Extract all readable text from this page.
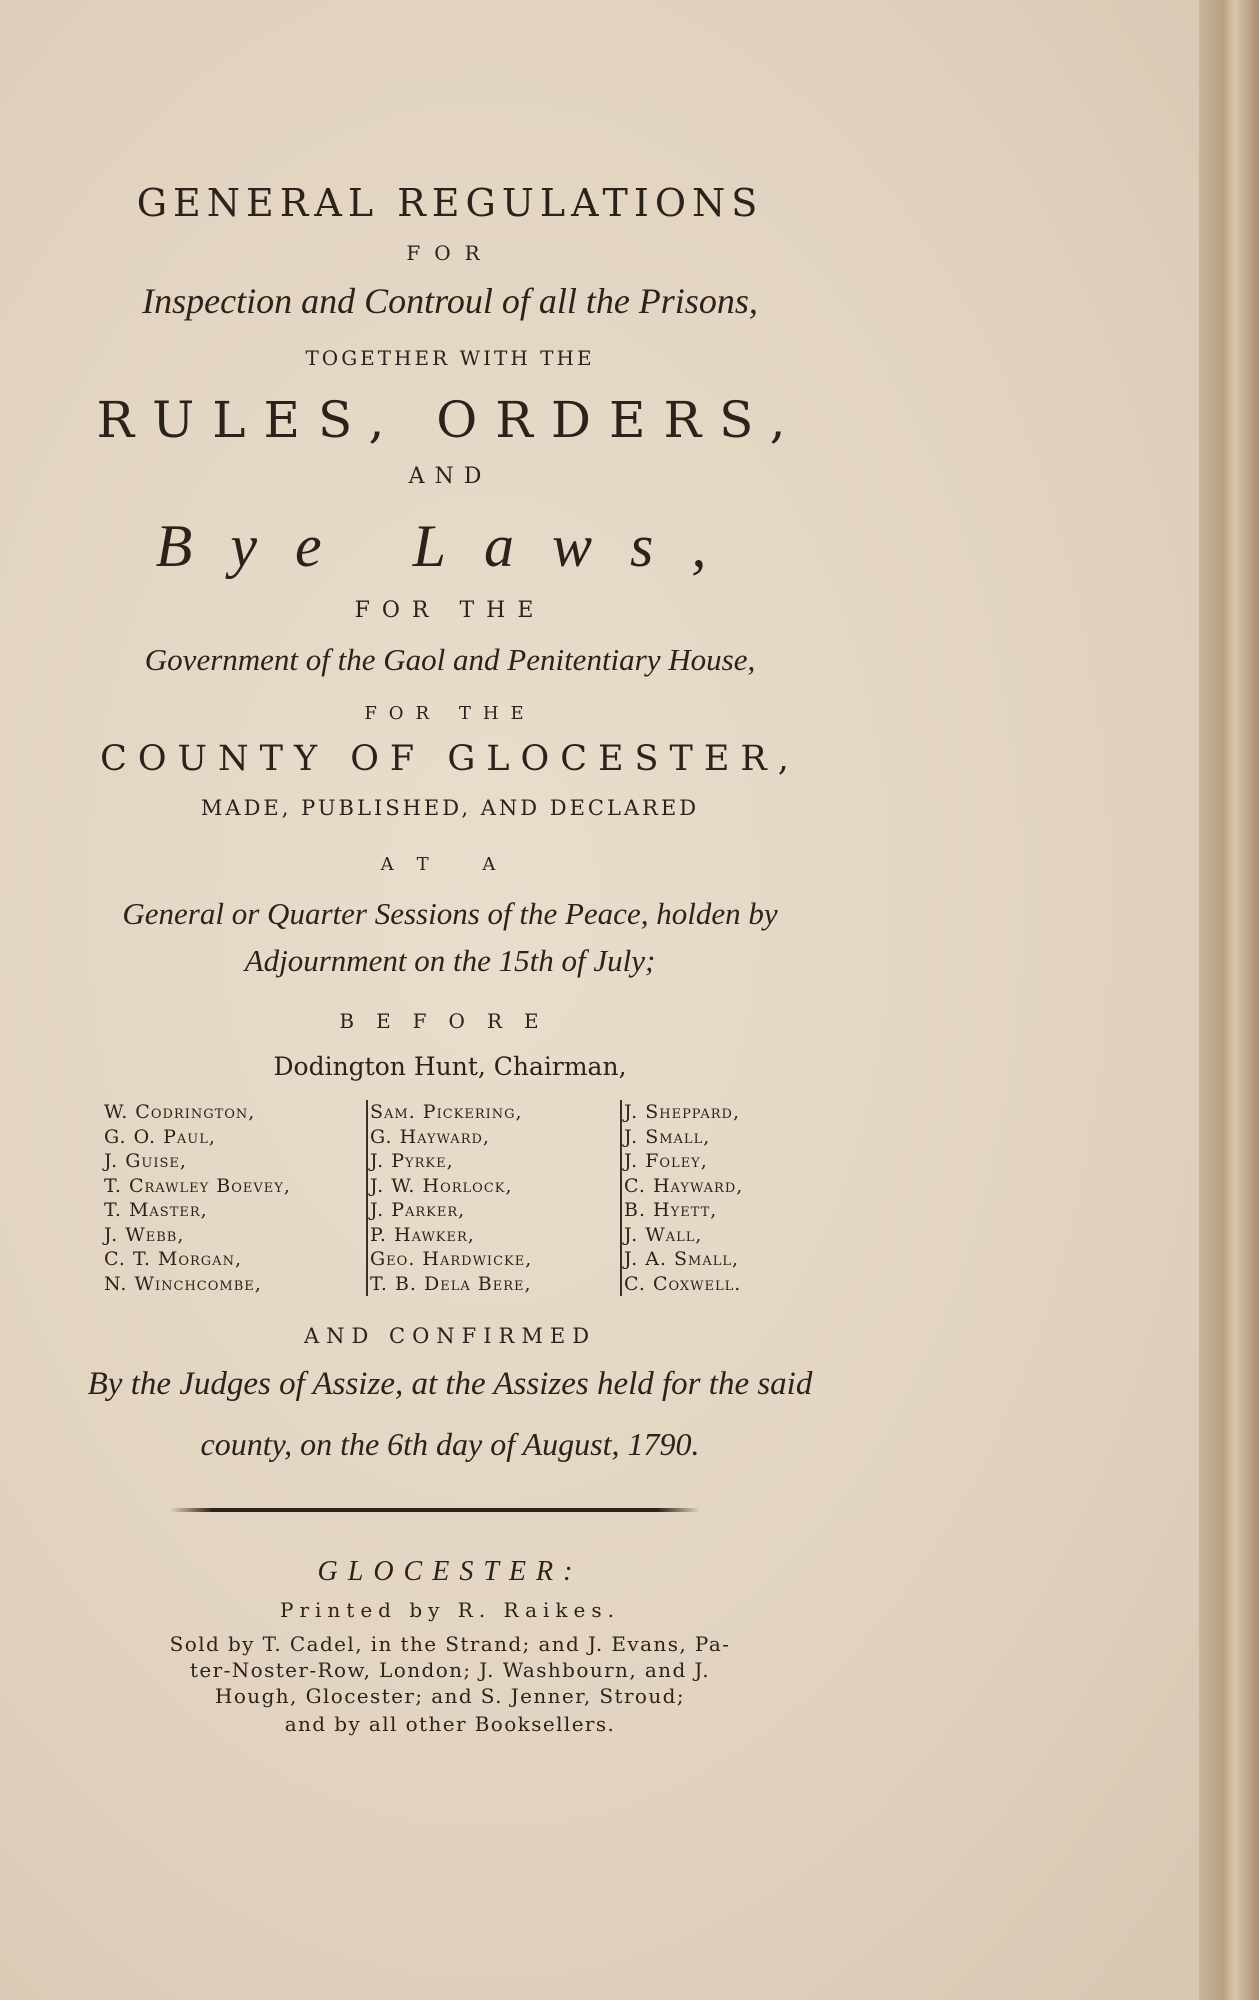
GENERAL REGULATIONS
FOR
Inspection and Controul of all the Prisons,
TOGETHER WITH THE
RULES, ORDERS,
AND
Bye Laws,
FOR THE
Government of the Gaol and Penitentiary House,
FOR THE
COUNTY OF GLOCESTER,
MADE, PUBLISHED, AND DECLARED
AT A
General or Quarter Sessions of the Peace, holden by
Adjournment on the 15th of July;
BEFORE
Dodington Hunt, Chairman,
W. Codrington,
G. O. Paul,
J. Guise,
T. Crawley Boevey,
T. Master,
J. Webb,
C. T. Morgan,
N. Winchcombe,
Sam. Pickering,
G. Hayward,
J. Pyrke,
J. W. Horlock,
J. Parker,
P. Hawker,
Geo. Hardwicke,
T. B. Dela Bere,
J. Sheppard,
J. Small,
J. Foley,
C. Hayward,
B. Hyett,
J. Wall,
J. A. Small,
C. Coxwell.
AND CONFIRMED
By the Judges of Assize, at the Assizes held for the said
county, on the 6th day of August, 1790.
GLOCESTER:
Printed by R. Raikes.
Sold by T. Cadel, in the Strand; and J. Evans, Pa-
ter-Noster-Row, London; J. Washbourn, and J.
Hough, Glocester; and S. Jenner, Stroud;
and by all other Booksellers.
